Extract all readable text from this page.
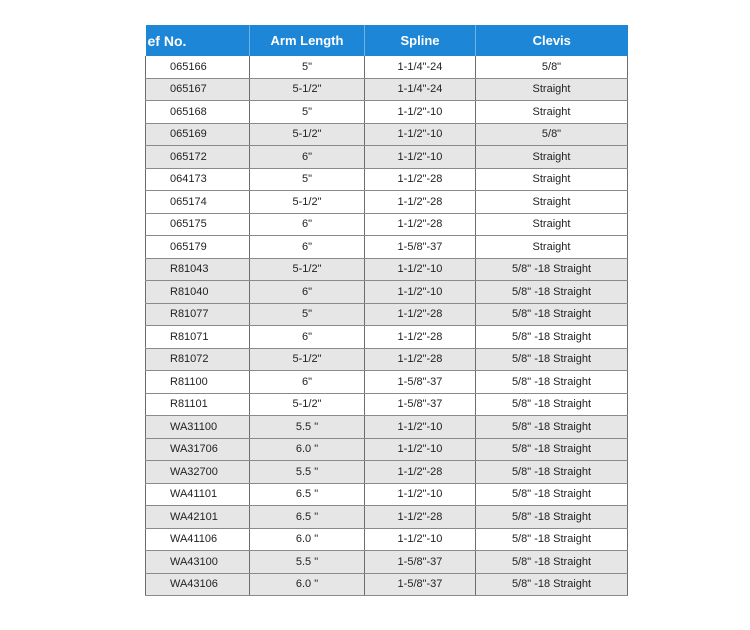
ef No.	Arm Length	Spline	Clevis
065166	5"	1-1/4"-24	5/8"
065167	5-1/2"	1-1/4"-24	Straight
065168	5"	1-1/2"-10	Straight
065169	5-1/2"	1-1/2"-10	5/8"
065172	6"	1-1/2"-10	Straight
064173	5"	1-1/2"-28	Straight
065174	5-1/2"	1-1/2"-28	Straight
065175	6"	1-1/2"-28	Straight
065179	6"	1-5/8"-37	Straight
R81043	5-1/2"	1-1/2"-10	5/8" -18 Straight
R81040	6"	1-1/2"-10	5/8" -18 Straight
R81077	5"	1-1/2"-28	5/8" -18 Straight
R81071	6"	1-1/2"-28	5/8" -18 Straight
R81072	5-1/2"	1-1/2"-28	5/8" -18 Straight
R81100	6"	1-5/8"-37	5/8" -18 Straight
R81101	5-1/2"	1-5/8"-37	5/8" -18 Straight
WA31100	5.5 "	1-1/2"-10	5/8" -18 Straight
WA31706	6.0 "	1-1/2"-10	5/8" -18 Straight
WA32700	5.5 "	1-1/2"-28	5/8" -18 Straight
WA41101	6.5 "	1-1/2"-10	5/8" -18 Straight
WA42101	6.5 "	1-1/2"-28	5/8" -18 Straight
WA41106	6.0 "	1-1/2"-10	5/8" -18 Straight
WA43100	5.5 "	1-5/8"-37	5/8" -18 Straight
WA43106	6.0 "	1-5/8"-37	5/8" -18 Straight
